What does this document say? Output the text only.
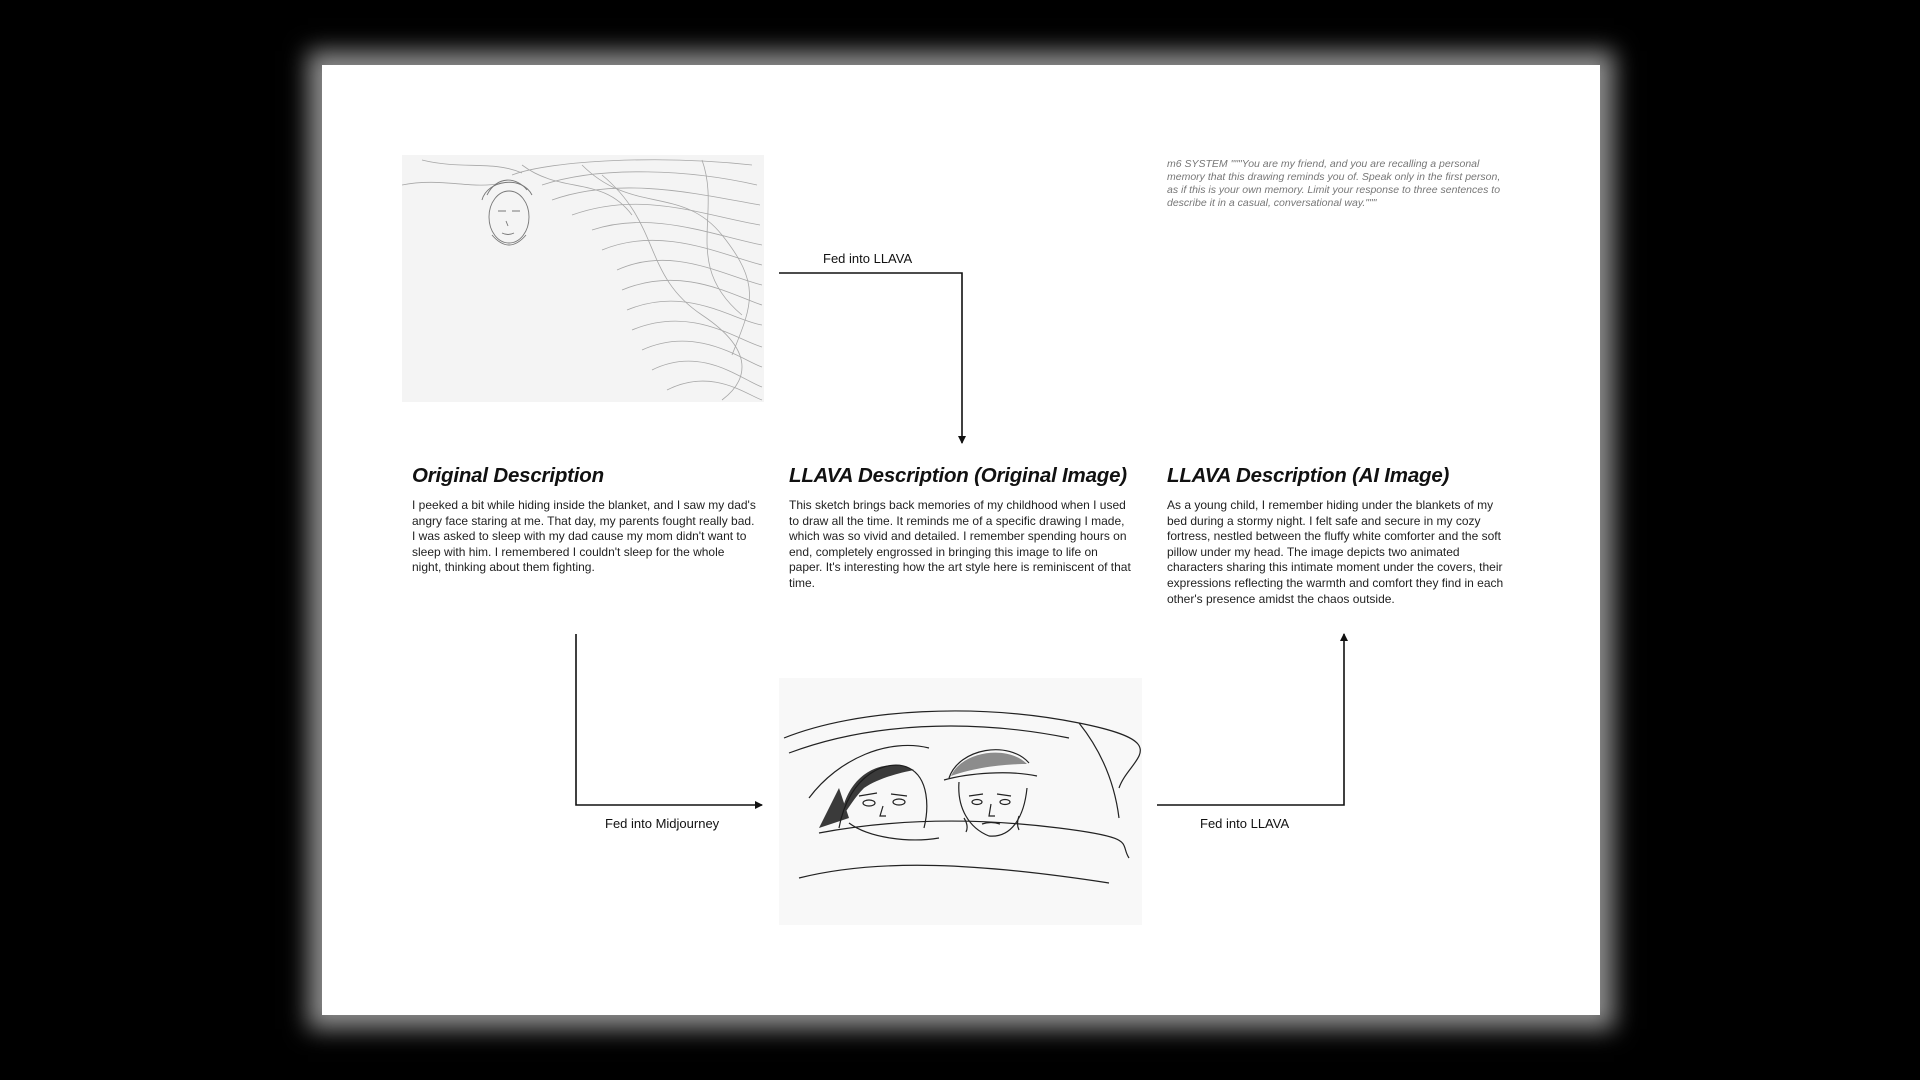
m6 SYSTEM """You are my friend, and you are recalling a personal memory that this drawing reminds you of. Speak only in the first person, as if this is your own memory. Limit your response to three sentences to describe it in a casual, conversational way."""
Fed into LLAVA
Original Description

I peeked a bit while hiding inside the blanket, and I saw my dad's angry face staring at me. That day, my parents fought really bad. I was asked to sleep with my dad cause my mom didn't want to sleep with him. I remembered I couldn't sleep for the whole night, thinking about them fighting.

LLAVA Description (Original Image)

This sketch brings back memories of my childhood when I used to draw all the time. It reminds me of a specific drawing I made, which was so vivid and detailed. I remember spending hours on end, completely engrossed in bringing this image to life on paper. It's interesting how the art style here is reminiscent of that time.

LLAVA Description (AI Image)

As a young child, I remember hiding under the blankets of my bed during a stormy night. I felt safe and secure in my cozy fortress, nestled between the fluffy white comforter and the soft pillow under my head. The image depicts two animated characters sharing this intimate moment under the covers, their expressions reflecting the warmth and comfort they find in each other's presence amidst the chaos outside.

Fed into Midjourney	Fed into LLAVA
